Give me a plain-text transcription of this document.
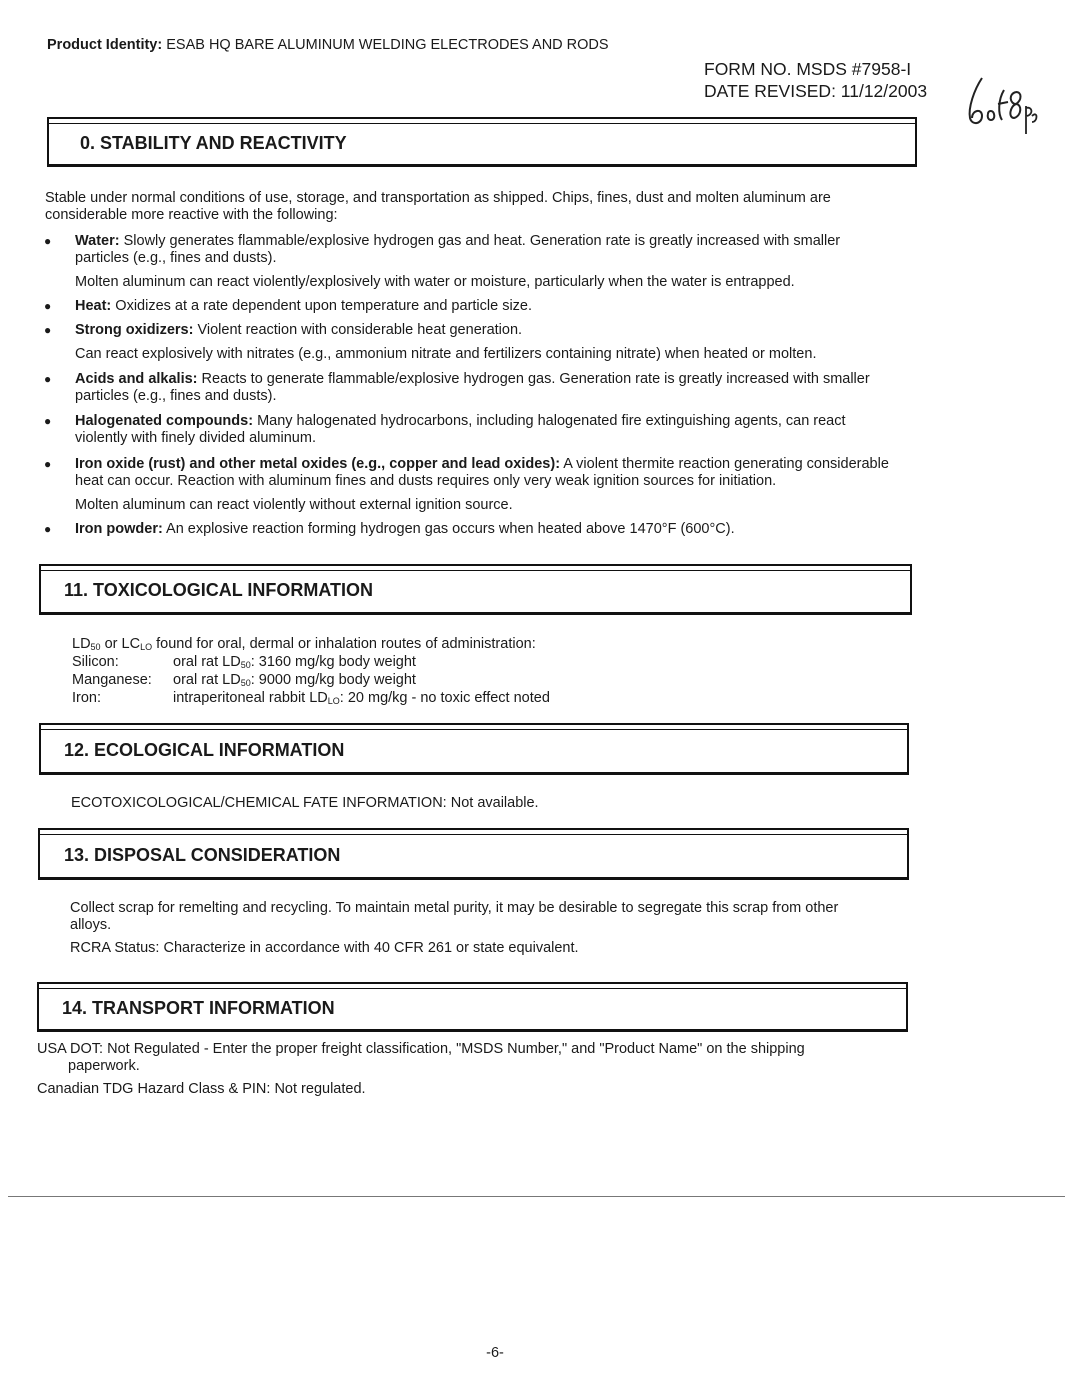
Product Identity: ESAB HQ BARE ALUMINUM WELDING ELECTRODES AND RODS
FORM NO. MSDS #7958-I
DATE REVISED: 11/12/2003
0. STABILITY AND REACTIVITY

Stable under normal conditions of use, storage, and transportation as shipped. Chips, fines, dust and molten aluminum are

considerable more reactive with the following:

● Water: Slowly generates flammable/explosive hydrogen gas and heat. Generation rate is greatly increased with smaller

particles (e.g., fines and dusts).

Molten aluminum can react violently/explosively with water or moisture, particularly when the water is entrapped.
● Heat: Oxidizes at a rate dependent upon temperature and particle size.

● Strong oxidizers: Violent reaction with considerable heat generation.

Can react explosively with nitrates (e.g., ammonium nitrate and fertilizers containing nitrate) when heated or molten.
● Acids and alkalis: Reacts to generate flammable/explosive hydrogen gas. Generation rate is greatly increased with smaller

particles (e.g., fines and dusts).

● Halogenated compounds: Many halogenated hydrocarbons, including halogenated fire extinguishing agents, can react

violently with finely divided aluminum.

● Iron oxide (rust) and other metal oxides (e.g., copper and lead oxides): A violent thermite reaction generating considerable

heat can occur. Reaction with aluminum fines and dusts requires only very weak ignition sources for initiation.

Molten aluminum can react violently without external ignition source.
● Iron powder: An explosive reaction forming hydrogen gas occurs when heated above 1470°F (600°C).

11. TOXICOLOGICAL INFORMATION
$LD_{50}$ or $LC_{LO}$ found for oral, dermal or inhalation routes of administration:
Silicon:	oral rat $LD_{50}$: 3160 mg/kg body weight
Manganese: oral rat $LD_{50}$: 9000 mg/kg body weight
Iron:	intraperitoneal rabbit $LD_{LO}$: 20 mg/kg - no toxic effect noted
12. ECOLOGICAL INFORMATION
ECOTOXICOLOGICAL/CHEMICAL FATE INFORMATION: Not available.
13. DISPOSAL CONSIDERATION

Collect scrap for remelting and recycling. To maintain metal purity, it may be desirable to segregate this scrap from other

alloys.

RCRA Status: Characterize in accordance with 40 CFR 261 or state equivalent.
14. TRANSPORT INFORMATION

USA DOT: Not Regulated - Enter the proper freight classification, "MSDS Number," and "Product Name" on the shipping

paperwork.

Canadian TDG Hazard Class & PIN: Not regulated.
-6-
